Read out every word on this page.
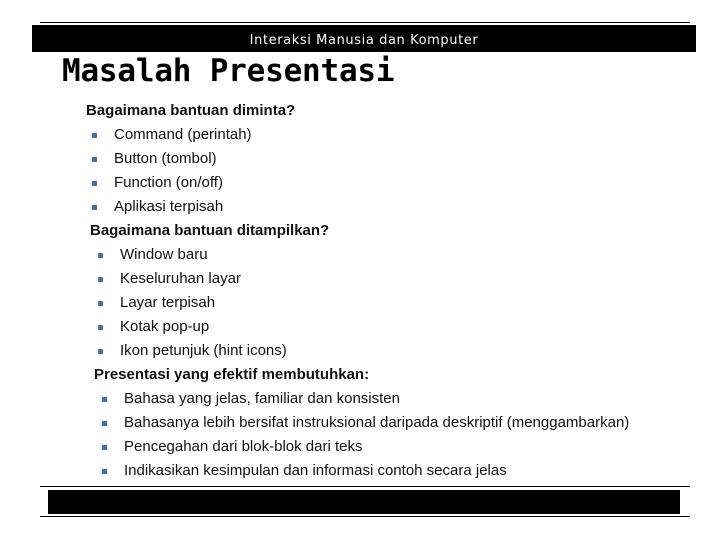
Interaksi Manusia dan Komputer
Masalah Presentasi
Bagaimana bantuan diminta?
Command (perintah)
Button (tombol)
Function (on/off)
Aplikasi terpisah
Bagaimana bantuan ditampilkan?
Window baru
Keseluruhan layar
Layar terpisah
Kotak pop-up
Ikon petunjuk (hint icons)
Presentasi yang efektif membutuhkan:
Bahasa yang jelas, familiar dan konsisten
Bahasanya lebih bersifat instruksional daripada deskriptif (menggambarkan)
Pencegahan dari blok-blok dari teks
Indikasikan kesimpulan dan informasi contoh secara jelas
